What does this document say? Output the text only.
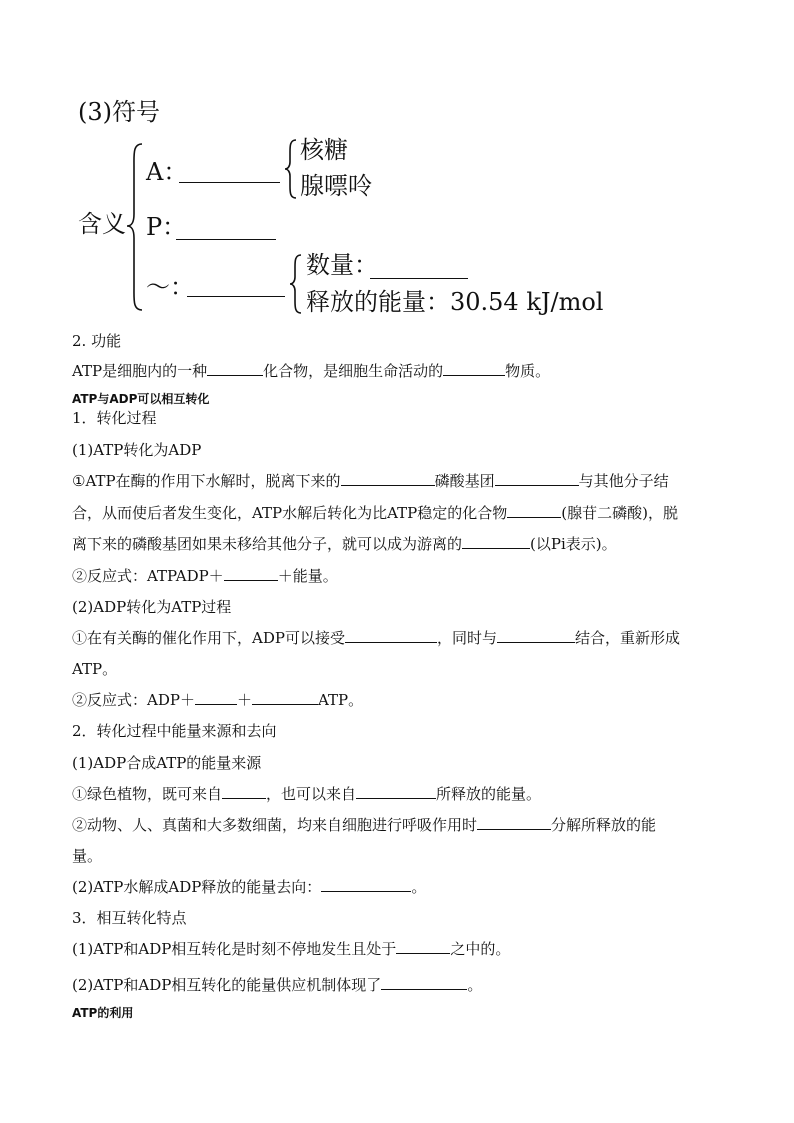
(3)符号
含义
A：
核糖
腺嘌呤
P：
～：
数量：
释放的能量：30.54 kJ/mol
2. 功能
ATP是细胞内的一种	化合物，是细胞生命活动的	物质。
ATP与ADP可以相互转化
1．转化过程
(1)ATP转化为ADP
①ATP在酶的作用下水解时，脱离下来的	磷酸基团	与其他分子结
合，从而使后者发生变化，ATP水解后转化为比ATP稳定的化合物	(腺苷二磷酸)，脱
离下来的磷酸基团如果未移给其他分子，就可以成为游离的	(以Pi表示)。
②反应式：ATPADP＋	＋能量。
(2)ADP转化为ATP过程
①在有关酶的催化作用下，ADP可以接受	，同时与	结合，重新形成
ATP。
②反应式：ADP＋	＋	ATP。
2．转化过程中能量来源和去向
(1)ADP合成ATP的能量来源
①绿色植物，既可来自	，也可以来自	所释放的能量。
②动物、人、真菌和大多数细菌，均来自细胞进行呼吸作用时	分解所释放的能
量。
(2)ATP水解成ADP释放的能量去向：	。
3．相互转化特点
(1)ATP和ADP相互转化是时刻不停地发生且处于	之中的。
(2)ATP和ADP相互转化的能量供应机制体现了	。
ATP的利用
